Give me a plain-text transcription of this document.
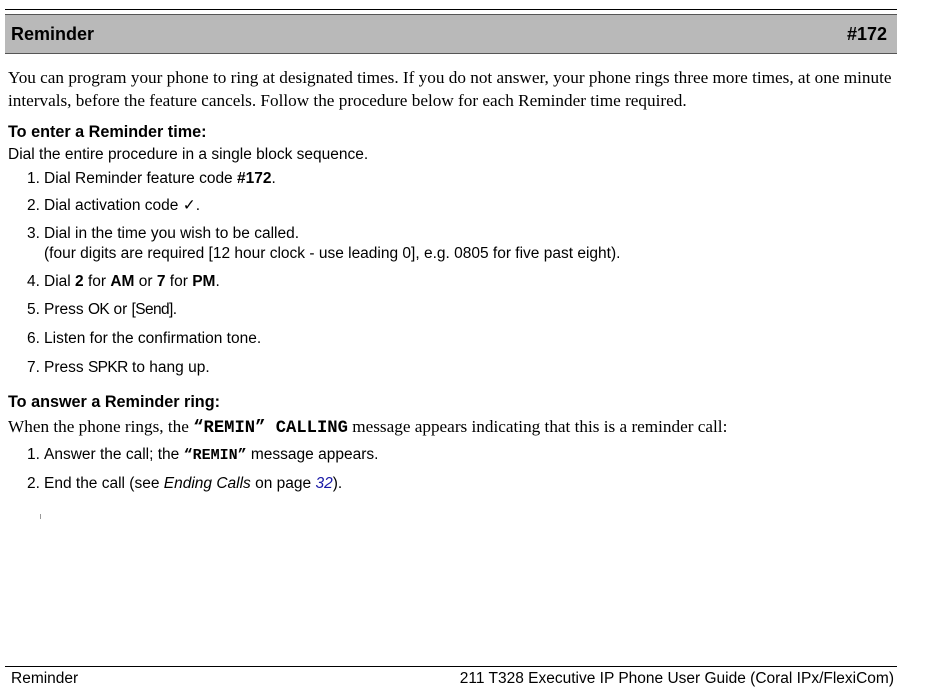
Reminder	#172

You can program your phone to ring at designated times. If you do not answer, your phone rings three more times, at one minute intervals, before the feature cancels. Follow the procedure below for each Reminder time required.

To enter a Reminder time:

Dial the entire procedure in a single block sequence.

1. Dial Reminder feature code #172.
2. Dial activation code ✓.
3. Dial in the time you wish to be called.
(four digits are required [12 hour clock - use leading 0], e.g. 0805 for five past eight).
4. Dial 2 for AM or 7 for PM.
5. Press OK or [Send].
6. Listen for the confirmation tone.
7. Press SPKR to hang up.

To answer a Reminder ring:

When the phone rings, the “REMIN” CALLING message appears indicating that this is a reminder call:

1. Answer the call; the “REMIN” message appears.
2. End the call (see Ending Calls on page 32).
Reminder	211 T328 Executive IP Phone User Guide (Coral IPx/FlexiCom)
